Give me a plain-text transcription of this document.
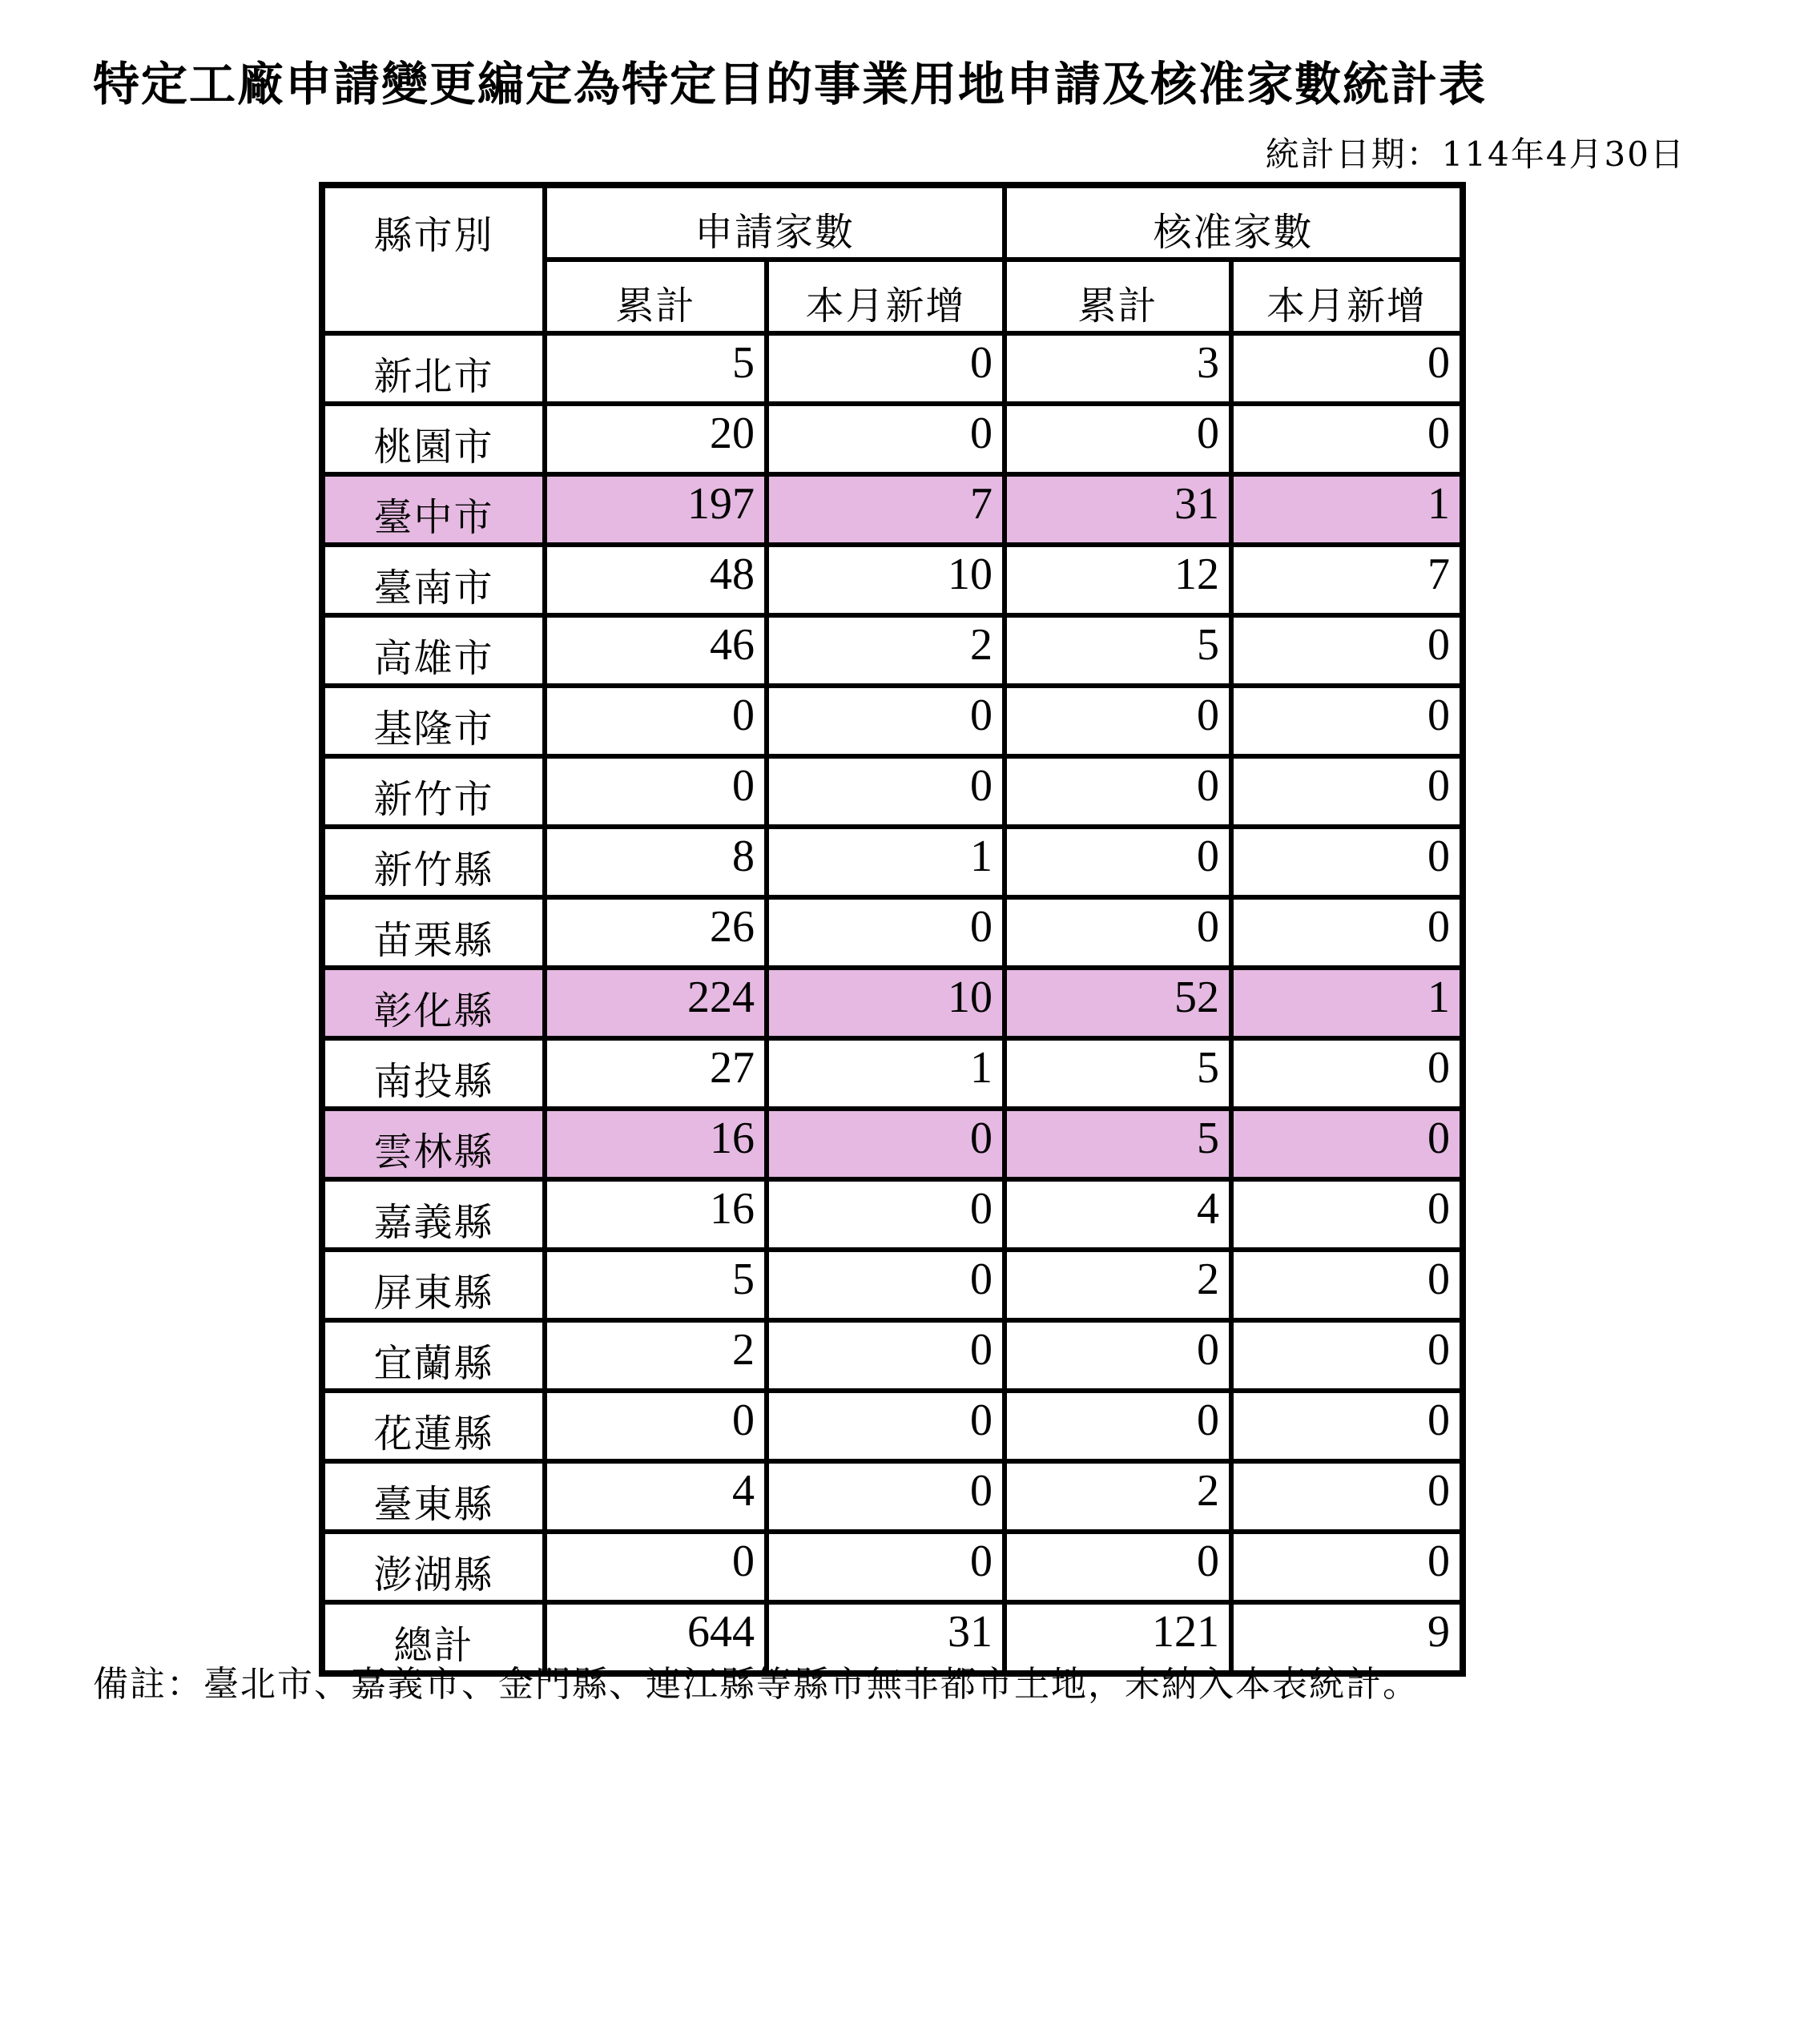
特定工廠申請變更編定為特定目的事業用地申請及核准家數統計表
統計日期：114年4月30日
縣市別	申請家數		核准家數	
	累計	本月新增	累計	本月新增
新北市	5	0	3	0
桃園市	20	0	0	0
臺中市	197	7	31	1
臺南市	48	10	12	7
高雄市	46	2	5	0
基隆市	0	0	0	0
新竹市	0	0	0	0
新竹縣	8	1	0	0
苗栗縣	26	0	0	0
彰化縣	224	10	52	1
南投縣	27	1	5	0
雲林縣	16	0	5	0
嘉義縣	16	0	4	0
屏東縣	5	0	2	0
宜蘭縣	2	0	0	0
花蓮縣	0	0	0	0
臺東縣	4	0	2	0
澎湖縣	0	0	0	0
總計	644	31	121	9
備註：臺北市、嘉義市、金門縣、連江縣等縣市無非都市土地，未納入本表統計。
